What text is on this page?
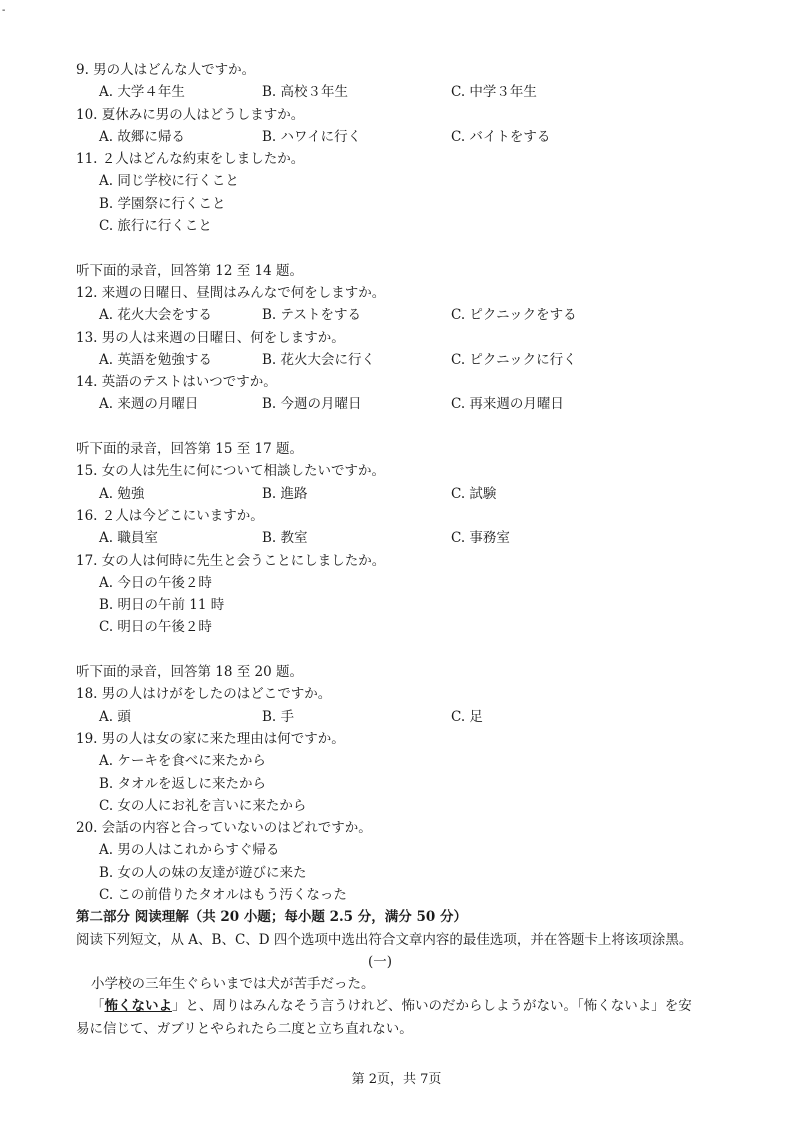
-
9. 男の人はどんな人ですか。
A. 大学４年生	B. 高校３年生	C. 中学３年生
10. 夏休みに男の人はどうしますか。
A. 故郷に帰る	B. ハワイに行く	C. バイトをする
11. ２人はどんな約束をしましたか。
A. 同じ学校に行くこと
B. 学園祭に行くこと
C. 旅行に行くこと
听下面的录音，回答第 12 至 14 题。
12. 来週の日曜日、昼間はみんなで何をしますか。
A. 花火大会をする	B. テストをする	C. ピクニックをする
13. 男の人は来週の日曜日、何をしますか。
A. 英語を勉強する	B. 花火大会に行く	C. ピクニックに行く
14. 英語のテストはいつですか。
A. 来週の月曜日	B. 今週の月曜日	C. 再来週の月曜日
听下面的录音，回答第 15 至 17 题。
15. 女の人は先生に何について相談したいですか。
A. 勉強	B. 進路	C. 試験
16. ２人は今どこにいますか。
A. 職員室	B. 教室	C. 事務室
17. 女の人は何時に先生と会うことにしましたか。
A. 今日の午後２時
B. 明日の午前 11 時
C. 明日の午後２時
听下面的录音，回答第 18 至 20 题。
18. 男の人はけがをしたのはどこですか。
A. 頭	B. 手	C. 足
19. 男の人は女の家に来た理由は何ですか。
A. ケーキを食べに来たから
B. タオルを返しに来たから
C. 女の人にお礼を言いに来たから
20. 会話の内容と合っていないのはどれですか。
A. 男の人はこれからすぐ帰る
B. 女の人の妹の友達が遊びに来た
C. この前借りたタオルはもう汚くなった
第二部分 阅读理解（共 20 小题；每小题 2.5 分，满分 50 分）
阅读下列短文，从 A、B、C、D 四个选项中选出符合文章内容的最佳选项，并在答题卡上将该项涂黑。
(一)
小学校の三年生ぐらいまでは犬が苦手だった。
「怖くないよ」と、周りはみんなそう言うけれど、怖いのだからしようがない。「怖くないよ」を安
易に信じて、ガブリとやられたら二度と立ち直れない。
第 2页，共 7页
